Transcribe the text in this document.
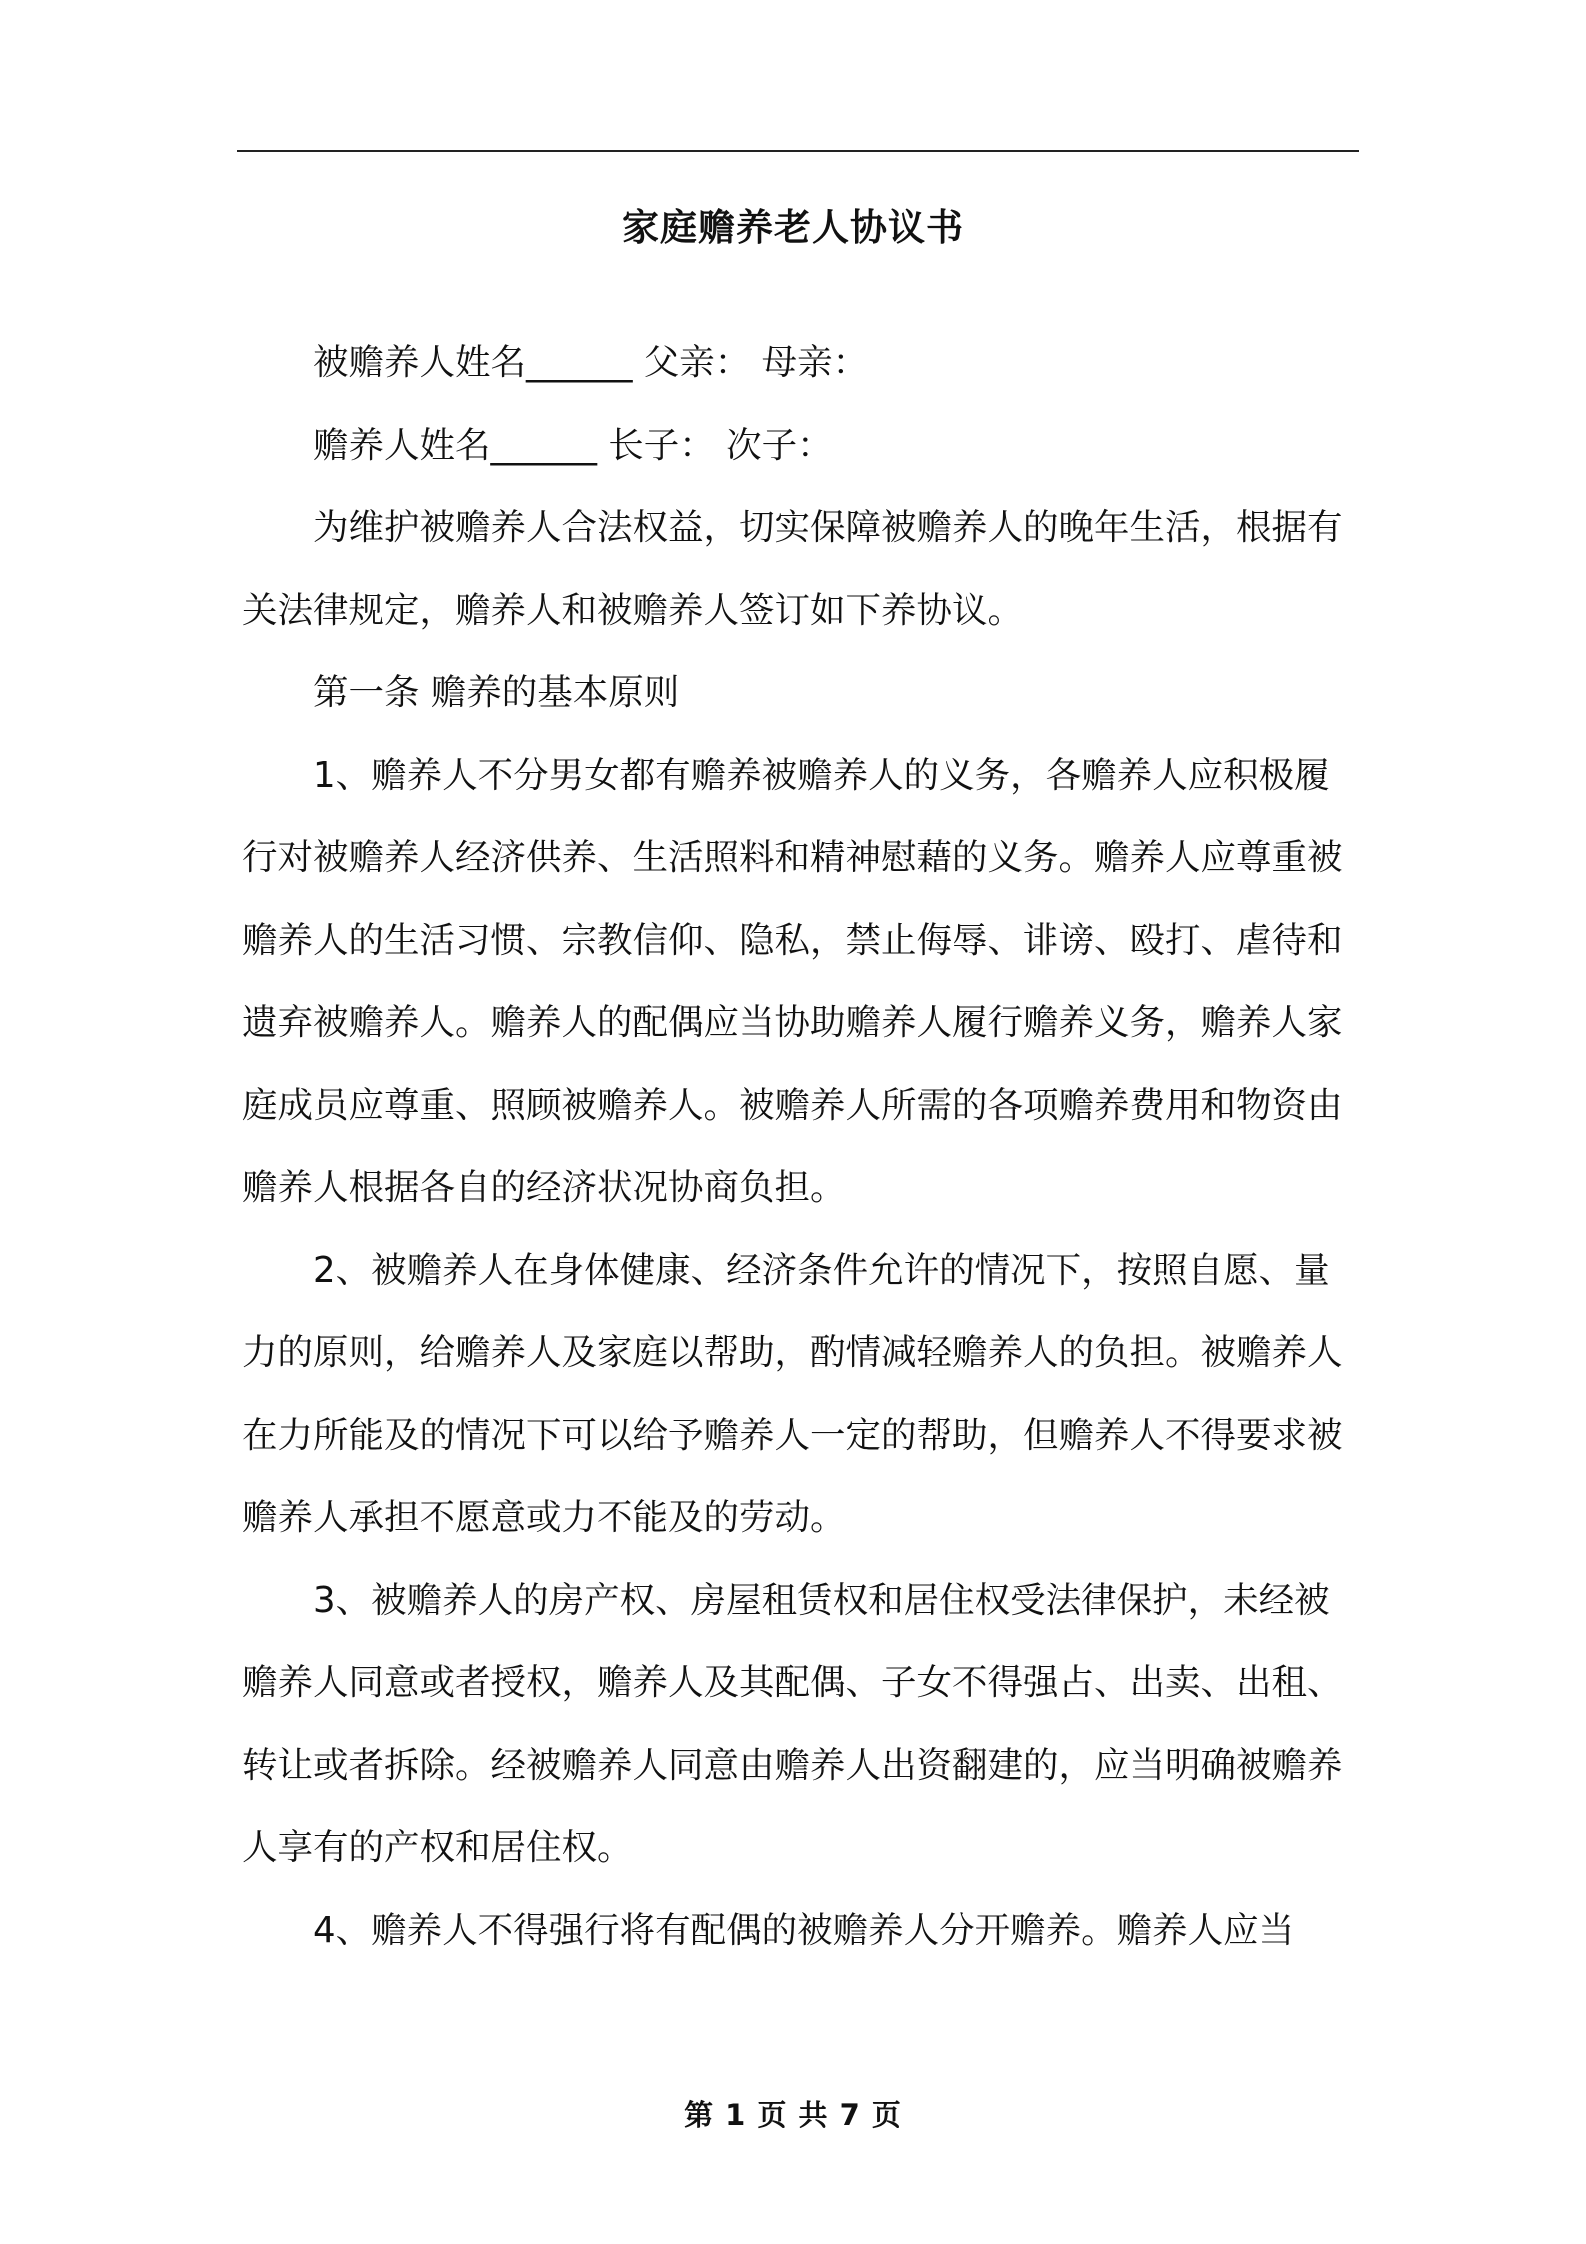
家庭赡养老人协议书

被赡养人姓名______ 父亲： 母亲：

赡养人姓名______ 长子： 次子：

为维护被赡养人合法权益，切实保障被赡养人的晚年生活，根据有关法律规定，赡养人和被赡养人签订如下养协议。

第一条 赡养的基本原则

1、赡养人不分男女都有赡养被赡养人的义务，各赡养人应积极履行对被赡养人经济供养、生活照料和精神慰藉的义务。赡养人应尊重被赡养人的生活习惯、宗教信仰、隐私，禁止侮辱、诽谤、殴打、虐待和遗弃被赡养人。赡养人的配偶应当协助赡养人履行赡养义务，赡养人家庭成员应尊重、照顾被赡养人。被赡养人所需的各项赡养费用和物资由赡养人根据各自的经济状况协商负担。

2、被赡养人在身体健康、经济条件允许的情况下，按照自愿、量力的原则，给赡养人及家庭以帮助，酌情减轻赡养人的负担。被赡养人在力所能及的情况下可以给予赡养人一定的帮助，但赡养人不得要求被赡养人承担不愿意或力不能及的劳动。

3、被赡养人的房产权、房屋租赁权和居住权受法律保护，未经被赡养人同意或者授权，赡养人及其配偶、子女不得强占、出卖、出租、转让或者拆除。经被赡养人同意由赡养人出资翻建的，应当明确被赡养人享有的产权和居住权。

4、赡养人不得强行将有配偶的被赡养人分开赡养。赡养人应当

第 1 页 共 7 页
